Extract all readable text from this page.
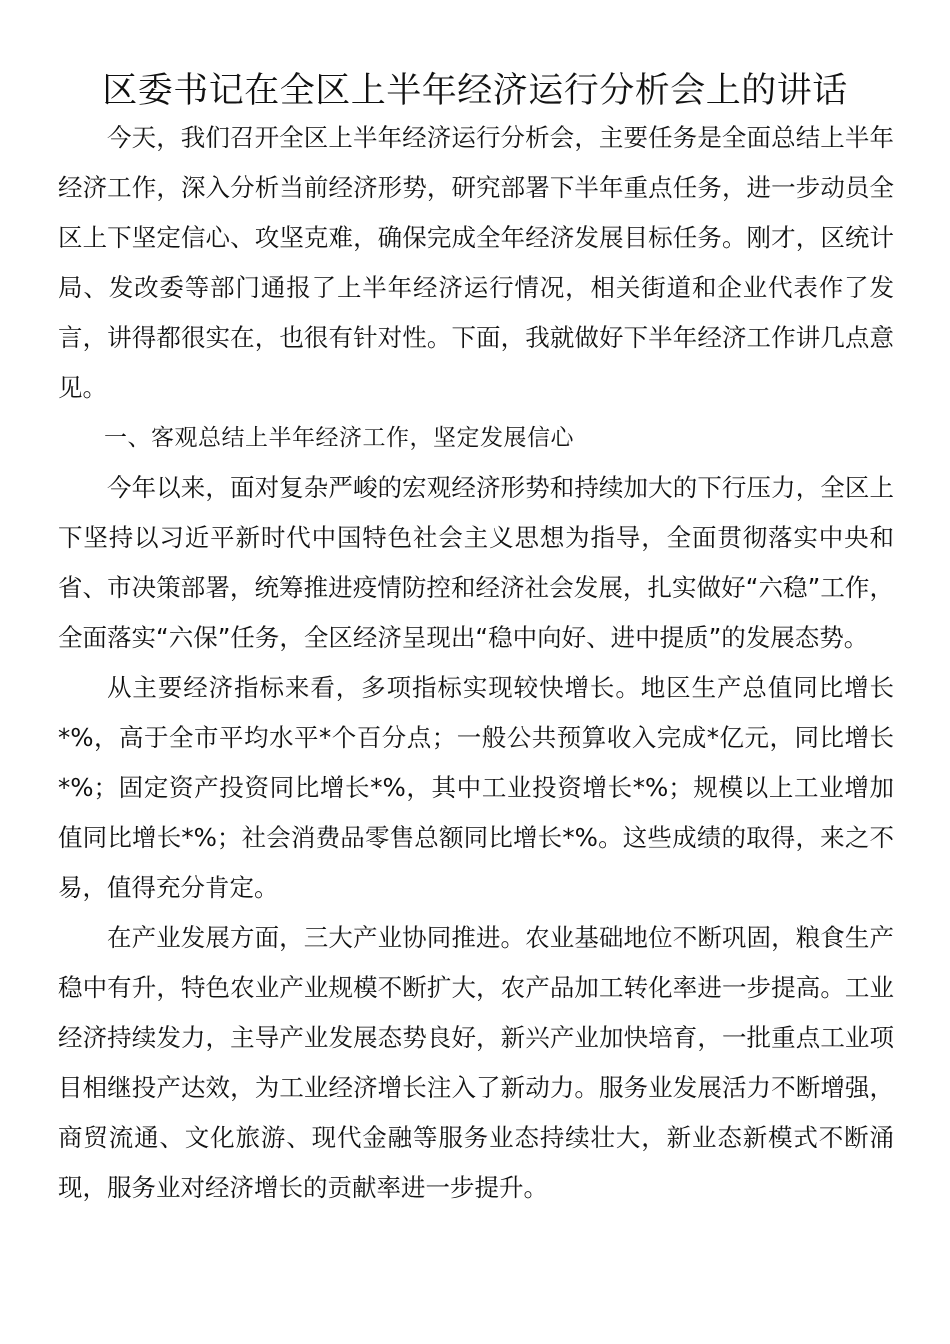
区委书记在全区上半年经济运行分析会上的讲话

今天，我们召开全区上半年经济运行分析会，主要任务是全面总结上半年经济工作，深入分析当前经济形势，研究部署下半年重点任务，进一步动员全区上下坚定信心、攻坚克难，确保完成全年经济发展目标任务。刚才，区统计局、发改委等部门通报了上半年经济运行情况，相关街道和企业代表作了发言，讲得都很实在，也很有针对性。下面，我就做好下半年经济工作讲几点意见。

一、客观总结上半年经济工作，坚定发展信心

今年以来，面对复杂严峻的宏观经济形势和持续加大的下行压力，全区上下坚持以习近平新时代中国特色社会主义思想为指导，全面贯彻落实中央和省、市决策部署，统筹推进疫情防控和经济社会发展，扎实做好“六稳”工作，全面落实“六保”任务，全区经济呈现出“稳中向好、进中提质”的发展态势。

从主要经济指标来看，多项指标实现较快增长。地区生产总值同比增长*%，高于全市平均水平*个百分点；一般公共预算收入完成*亿元，同比增长*%；固定资产投资同比增长*%，其中工业投资增长*%；规模以上工业增加值同比增长*%；社会消费品零售总额同比增长*%。这些成绩的取得，来之不易，值得充分肯定。

在产业发展方面，三大产业协同推进。农业基础地位不断巩固，粮食生产稳中有升，特色农业产业规模不断扩大，农产品加工转化率进一步提高。工业经济持续发力，主导产业发展态势良好，新兴产业加快培育，一批重点工业项目相继投产达效，为工业经济增长注入了新动力。服务业发展活力不断增强，商贸流通、文化旅游、现代金融等服务业态持续壮大，新业态新模式不断涌现，服务业对经济增长的贡献率进一步提升。
